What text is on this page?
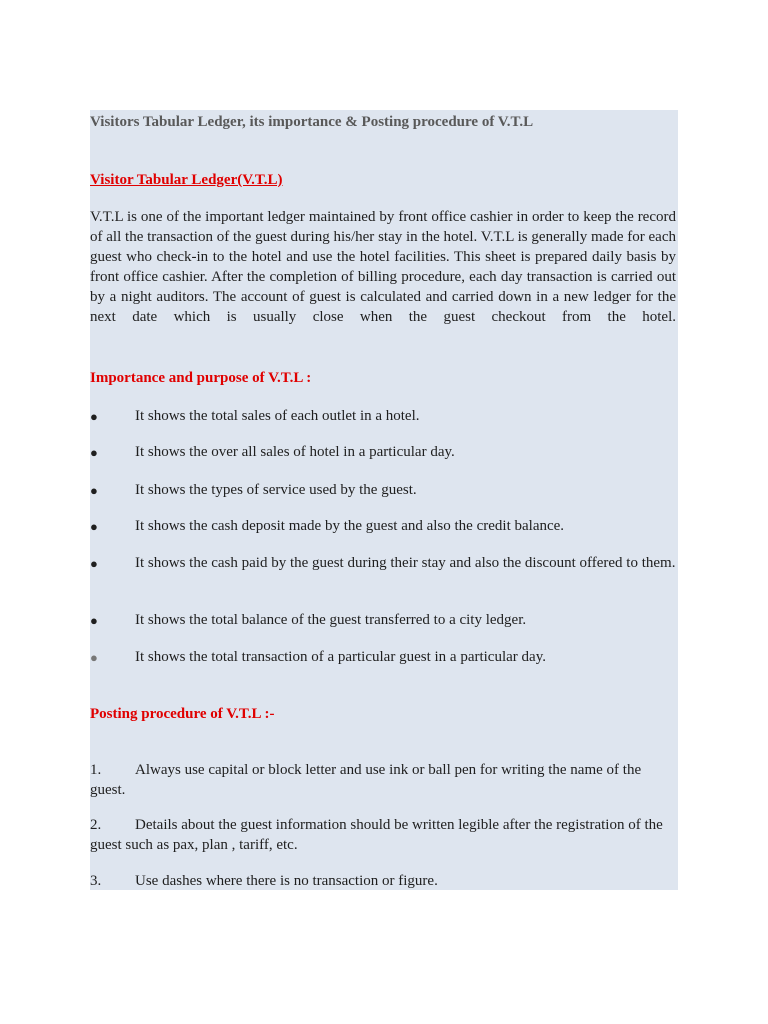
Visitors Tabular Ledger, its importance & Posting procedure of V.T.L
Visitor Tabular Ledger(V.T.L)
V.T.L is one of the important ledger maintained by front office cashier in order to keep the record of all the transaction of the guest during his/her stay in the hotel. V.T.L is generally made for each guest who check-in to the hotel and use the hotel facilities. This sheet is prepared daily basis by front office cashier. After the completion of billing procedure, each day transaction is carried out by a night auditors. The account of guest is calculated and carried down in a new ledger for the next date which is usually close when the guest checkout from the hotel.
Importance and purpose of V.T.L :
●	It shows the total sales of each outlet in a hotel.
●	It shows the over all sales of hotel in a particular day.
●	It shows the types of service used by the guest.
●	It shows the cash deposit made by the guest and also the credit balance.
●	It shows the cash paid by the guest during their stay and also the discount offered to them.
●	It shows the total balance of the guest transferred to a city ledger.
●	It shows the total transaction of a particular guest in a particular day.
Posting procedure of V.T.L :-
1.	Always use capital or block letter and use ink or ball pen for writing the name of the guest.
2.	Details about the guest information should be written legible after the registration of the guest such as pax, plan , tariff, etc.
3.	Use dashes where there is no transaction or figure.
